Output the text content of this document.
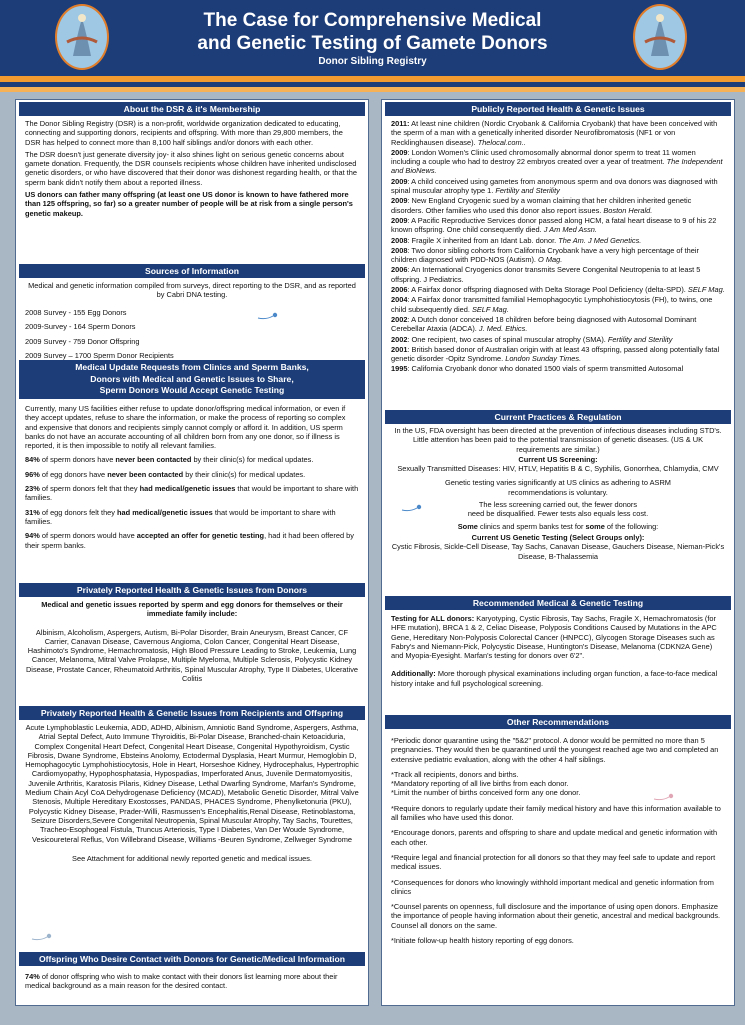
The Case for Comprehensive Medical
and Genetic Testing of Gamete Donors
Donor Sibling Registry
About the DSR & it's Membership

The Donor Sibling Registry (DSR) is a non-profit, worldwide organization dedicated to educating, connecting and supporting donors, recipients and offspring. With more than 29,800 members, the DSR has helped to connect more than 8,100 half siblings and/or donors with each other.

The DSR doesn't just generate diversity joy- it also shines light on serious genetic concerns about gamete donation. Frequently, the DSR counsels recipients whose children have inherited undisclosed genetic disorders, or who have discovered that their donor was dishonest regarding health, or that the sperm bank didn't notify them about a reported illness.

US donors can father many offspring (at least one US donor is known to have fathered more than 125 offspring, so far) so a greater number of people will be at risk from a single person's genetic makeup.

Sources of Information

Medical and genetic information compiled from surveys, direct reporting to the DSR, and as reported by Cabri DNA testing.

2008 Survey - 155 Egg Donors
2009-Survey - 164 Sperm Donors
2009 Survey - 759 Donor Offspring
2009 Survey – 1700 Sperm Donor Recipients
Medical Update Requests from Clinics and Sperm Banks,
Donors with Medical and Genetic Issues to Share,
Sperm Donors Would Accept Genetic Testing

Currently, many US facilities either refuse to update donor/offspring medical information, or even if they accept updates, refuse to share the information, or make the process of reporting so complex and expensive that donors and recipients simply cannot comply or afford it. In addition, US sperm banks do not have an accurate accounting of all children born from any one donor, so if illness is reported, it is then impossible to notify all relevant families.

84% of sperm donors have never been contacted by their clinic(s) for medical updates.

96% of egg donors have never been contacted by their clinic(s) for medical updates.

23% of sperm donors felt that they had medical/genetic issues that would be important to share with families.

31% of egg donors felt they had medical/genetic issues that would be important to share with families.

94% of sperm donors would have accepted an offer for genetic testing, had it had been offered by their sperm banks.

Privately Reported Health & Genetic Issues from Donors

Medical and genetic issues reported by sperm and egg donors for themselves or their immediate family include:

Albinism, Alcoholism, Aspergers, Autism, Bi-Polar Disorder, Brain Aneurysm, Breast Cancer, CF Carrier, Canavan Disease, Cavernous Angioma, Colon Cancer, Congenital Heart Disease, Hashimoto's Syndrome, Hemachromatosis, High Blood Pressure Leading to Stroke, Leukemia, Lung Cancer, Melanoma, Mitral Valve Prolapse, Multiple Myeloma, Multiple Sclerosis, Polycystic Kidney Disease, Prostate Cancer, Rheumatoid Arthritis, Spinal Muscular Atrophy, Type II Diabetes, Ulcerative Colitis

Privately Reported Health & Genetic Issues from Recipients and Offspring

Acute Lymphoblastic Leukemia, ADD, ADHD, Albinism, Amniotic Band Syndrome, Aspergers, Asthma, Atrial Septal Defect, Auto Immune Thyroiditis, Bi-Polar Disease, Branched-chain Ketoaciduria, Complex Congenital Heart Defect, Congenital Heart Disease, Congenital Hypothyroidism, Cystic Fibrosis, Dwane Syndrome, Ebsteins Anolomy, Ectodermal Dysplasia, Heart Murmur, Hemoglobin D, Hemophagocytic Lymphohistiocytosis, Hole in Heart, Horseshoe Kidney, Hydrocephalus, Hypertrophic Cardiomyopathy, Hypophosphatasia, Hypospadias, Imperforated Anus, Juvenile Dermatomyositis, Juvenile Arthritis, Karatosis Pilaris, Kidney Disease, Lethal Dwarfing Syndrome, Marfan's Syndrome, Medium Chain Acyl CoA Dehydrogenase Deficiency (MCAD), Metabolic Genetic Disorder, Mitral Valve Stenosis, Multiple Hereditary Exostosses, PANDAS, PHACES Syndrome, Phenylketonuria (PKU), Polycystic Kidney Disease, Prader-Willi, Rasmussen's Encephalitis,Renal Disease, Retinoblastoma, Seizure Disorders,Severe Congenital Neutropenia, Spinal Muscular Atrophy, Tay Sachs, Tourettes, Tracheo-Esophogeal Fistula, Truncus Arteriosis, Type I Diabetes, Van Der Woude Syndrome, Vesicoureteral Reflus, Von Willebrand Disease, Williams -Beuren Syndrome, Zellweger Syndrome

See Attachment for additional newly reported genetic and medical issues.

Offspring Who Desire Contact with Donors for Genetic/Medical Information

74% of donor offspring who wish to make contact with their donors list learning more about their medical background as a main reason for the desired contact.

Publicly Reported Health & Genetic Issues

2011: At least nine children (Nordic Cryobank & California Cryobank) that have been conceived with the sperm of a man with a genetically inherited disorder Neurofibromatosis (NF1 or von Recklinghausen disease). Thelocal.com..

2009: London Women's Clinic used chromosomally abnormal donor sperm to treat 11 women including a couple who had to destroy 22 embryos created over a year of treatment. The Independent and BioNews.

2009: A child conceived using gametes from anonymous sperm and ova donors was diagnosed with spinal muscular atrophy type 1. Fertility and Sterility

2009: New England Cryogenic sued by a woman claiming that her children inherited genetic disorders. Other families who used this donor also report issues. Boston Herald.

2009: A Pacific Reproductive Services donor passed along HCM, a fatal heart disease to 9 of his 22 known offspring. One child consequently died. J Am Med Assn.

2008: Fragile X inherited from an Idant Lab. donor. The Am. J Med Genetics.

2008: Two donor sibling cohorts from California Cryobank have a very high percentage of their children diagnosed with PDD-NOS (Autism). O Mag.

2006: An International Cryogenics donor transmits Severe Congenital Neutropenia to at least 5 offspring. J Pediatrics.

2006: A Fairfax donor offspring diagnosed with Delta Storage Pool Deficiency (delta-SPD). SELF Mag.

2004: A Fairfax donor transmitted familial Hemophagocytic Lymphohistiocytosis (FH), to twins, one child subsequently died. SELF Mag.

2002: A Dutch donor conceived 18 children before being diagnosed with Autosomal Dominant Cerebellar Ataxia (ADCA). J. Med. Ethics.

2002: One recipient, two cases of spinal muscular atrophy (SMA). Fertility and Sterility

2001: British based donor of Australian origin with at least 43 offspring, passed along potentially fatal genetic disorder -Opitz Syndrome. London Sunday Times.

1995: California Cryobank donor who donated 1500 vials of sperm transmitted Autosomal

Current Practices & Regulation

In the US, FDA oversight has been directed at the prevention of infectious diseases including STD's. Little attention has been paid to the potential transmission of genetic diseases. (US & UK requirements are similar.)

Current US Screening:

Sexually Transmitted Diseases: HIV, HTLV, Hepatitis B & C, Syphilis, Gonorrhea, Chlamydia, CMV

Genetic testing varies significantly at US clinics as adhering to ASRM recommendations is voluntary.

The less screening carried out, the fewer donors
need be disqualified. Fewer tests also equals less cost.

Some clinics and sperm banks test for some of the following:

Current US Genetic Testing (Select Groups only):

Cystic Fibrosis, Sickle-Cell Disease, Tay Sachs, Canavan Disease, Gauchers Disease, Nieman-Pick's Disease, B-Thalassemia

Recommended Medical & Genetic Testing

Testing for ALL donors: Karyotyping, Cystic Fibrosis, Tay Sachs, Fragile X, Hemachromatosis (for HFE mutation), BRCA 1 & 2, Celiac Disease, Polyposis Conditions Caused by Mutations in the APC Gene, Hereditary Non-Polyposis Colorectal Cancer (HNPCC), Glycogen Storage Diseases such as Fabry's and Niemann-Pick, Polycystic Disease, Huntington's Disease, Melanoma (CDKN2A Gene) and Myopia-Eyesight. Marfan's testing for donors over 6'2".

Additionally: More thorough physical examinations including organ function, a face-to-face medical history intake and full psychological screening.

Other Recommendations

*Periodic donor quarantine using the "5&2" protocol. A donor would be permitted no more than 5 pregnancies. They would then be quarantined until the youngest reached age two and completed an extensive pediatric evaluation, along with the other 4 half siblings.

*Track all recipients, donors and births.
*Mandatory reporting of all live births from each donor.
*Limit the number of births conceived form any one donor.

*Require donors to regularly update their family medical history and have this information available to all families who have used this donor.

*Encourage donors, parents and offspring to share and update medical and genetic information with each other.

*Require legal and financial protection for all donors so that they may feel safe to update and report medical issues.

*Consequences for donors who knowingly withhold important medical and genetic information from clinics

*Counsel parents on openness, full disclosure and the importance of using open donors. Emphasize the importance of people having information about their genetic, ancestral and medical backgrounds. Counsel all donors on the same.

*Initiate follow-up health history reporting of egg donors.
